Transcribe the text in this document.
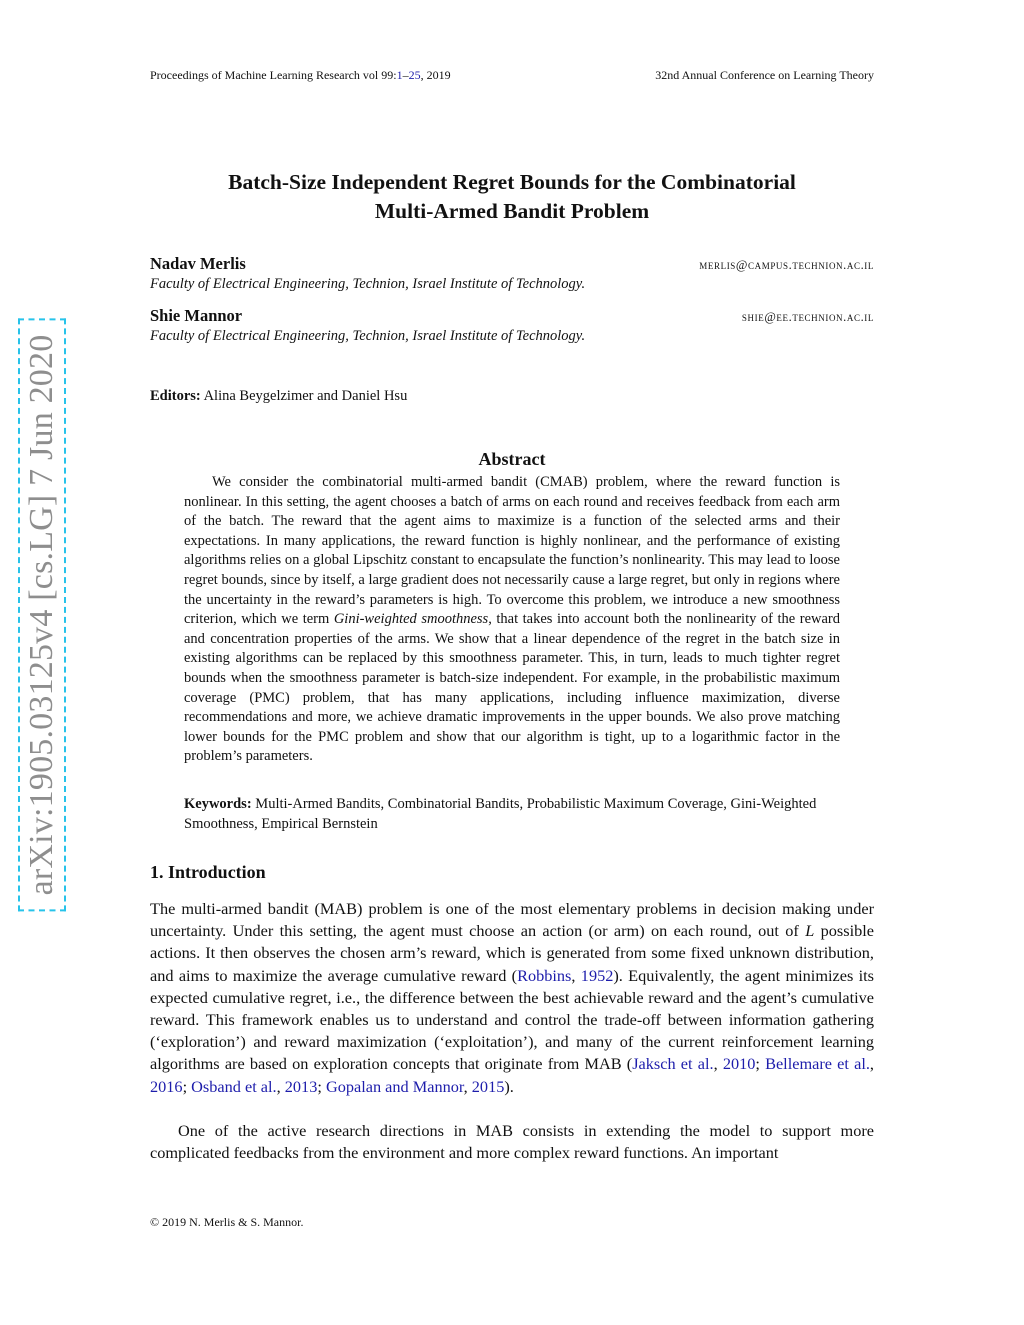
Proceedings of Machine Learning Research vol 99:1–25, 2019	32nd Annual Conference on Learning Theory
arXiv:1905.03125v4 [cs.LG] 7 Jun 2020
Batch-Size Independent Regret Bounds for the Combinatorial
Multi-Armed Bandit Problem
Nadav Merlis	merlis@campus.technion.ac.il
Faculty of Electrical Engineering, Technion, Israel Institute of Technology.
Shie Mannor	shie@ee.technion.ac.il
Faculty of Electrical Engineering, Technion, Israel Institute of Technology.
Editors: Alina Beygelzimer and Daniel Hsu
Abstract

We consider the combinatorial multi-armed bandit (CMAB) problem, where the reward function is nonlinear. In this setting, the agent chooses a batch of arms on each round and receives feedback from each arm of the batch. The reward that the agent aims to maximize is a function of the selected arms and their expectations. In many applications, the reward function is highly nonlinear, and the performance of existing algorithms relies on a global Lipschitz constant to encapsulate the function’s nonlinearity. This may lead to loose regret bounds, since by itself, a large gradient does not necessarily cause a large regret, but only in regions where the uncertainty in the reward’s parameters is high. To overcome this problem, we introduce a new smoothness criterion, which we term Gini-weighted smoothness, that takes into account both the nonlinearity of the reward and concentration properties of the arms. We show that a linear dependence of the regret in the batch size in existing algorithms can be replaced by this smoothness parameter. This, in turn, leads to much tighter regret bounds when the smoothness parameter is batch-size independent. For example, in the probabilistic maximum coverage (PMC) problem, that has many applications, including influence maximization, diverse recommendations and more, we achieve dramatic improvements in the upper bounds. We also prove matching lower bounds for the PMC problem and show that our algorithm is tight, up to a logarithmic factor in the problem’s parameters.

Keywords: Multi-Armed Bandits, Combinatorial Bandits, Probabilistic Maximum Coverage, Gini-Weighted Smoothness, Empirical Bernstein

1. Introduction

The multi-armed bandit (MAB) problem is one of the most elementary problems in decision making under uncertainty. Under this setting, the agent must choose an action (or arm) on each round, out of L possible actions. It then observes the chosen arm’s reward, which is generated from some fixed unknown distribution, and aims to maximize the average cumulative reward (Robbins, 1952). Equivalently, the agent minimizes its expected cumulative regret, i.e., the difference between the best achievable reward and the agent’s cumulative reward. This framework enables us to understand and control the trade-off between information gathering (‘exploration’) and reward maximization (‘exploitation’), and many of the current reinforcement learning algorithms are based on exploration concepts that originate from MAB (Jaksch et al., 2010; Bellemare et al., 2016; Osband et al., 2013; Gopalan and Mannor, 2015).

One of the active research directions in MAB consists in extending the model to support more complicated feedbacks from the environment and more complex reward functions. An important

© 2019 N. Merlis & S. Mannor.
